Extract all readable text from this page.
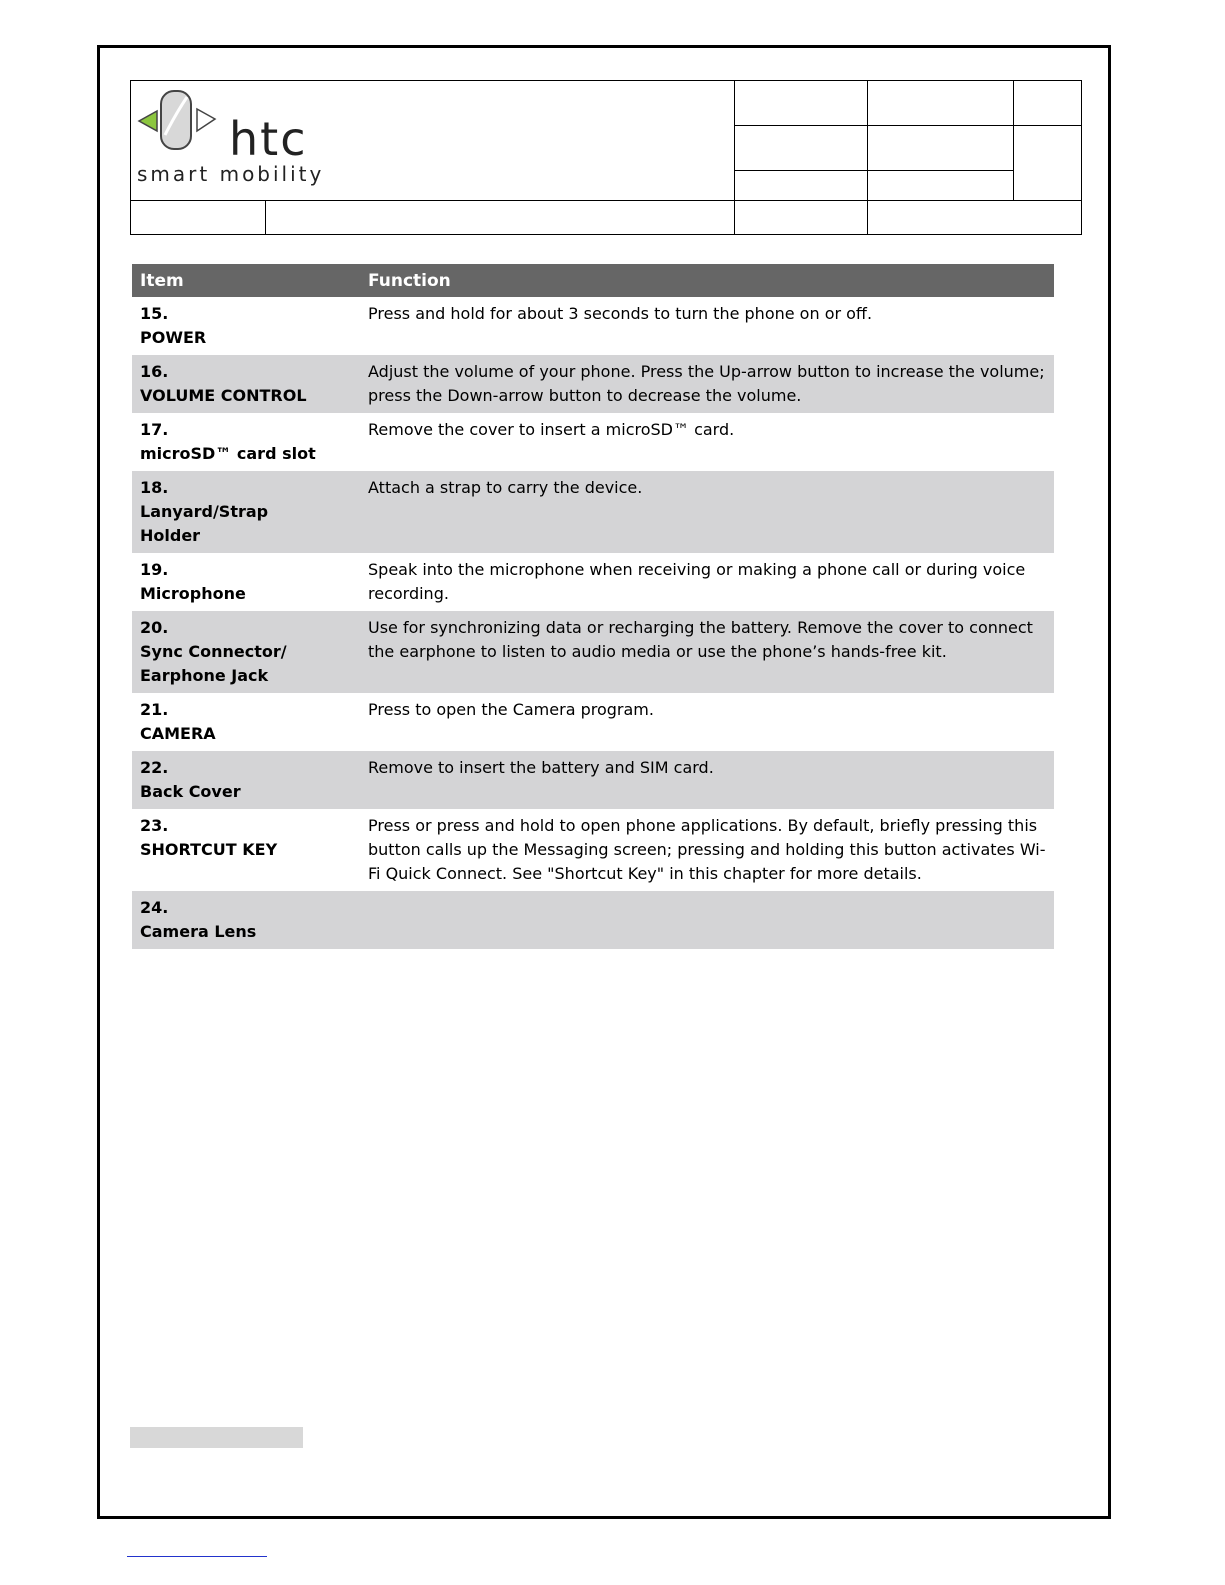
htc
smart mobility				

Item	Function
15.POWER	Press and hold for about 3 seconds to turn the phone on or off.
16.VOLUME CONTROL	Adjust the volume of your phone. Press the Up-arrow button to increase the volume; press the Down-arrow button to decrease the volume.
17.microSD™ card slot	Remove the cover to insert a microSD™ card.
18.Lanyard/Strap Holder	Attach a strap to carry the device.
19.Microphone	Speak into the microphone when receiving or making a phone call or during voice recording.
20.Sync Connector/ Earphone Jack	Use for synchronizing data or recharging the battery. Remove the cover to connect the earphone to listen to audio media or use the phone’s hands-free kit.
21.CAMERA	Press to open the Camera program.
22.Back Cover	Remove to insert the battery and SIM card.
23.SHORTCUT KEY	Press or press and hold to open phone applications. By default, briefly pressing this button calls up the Messaging screen; pressing and holding this button activates Wi-Fi Quick Connect. See "Shortcut Key" in this chapter for more details.
24.Camera Lens	
